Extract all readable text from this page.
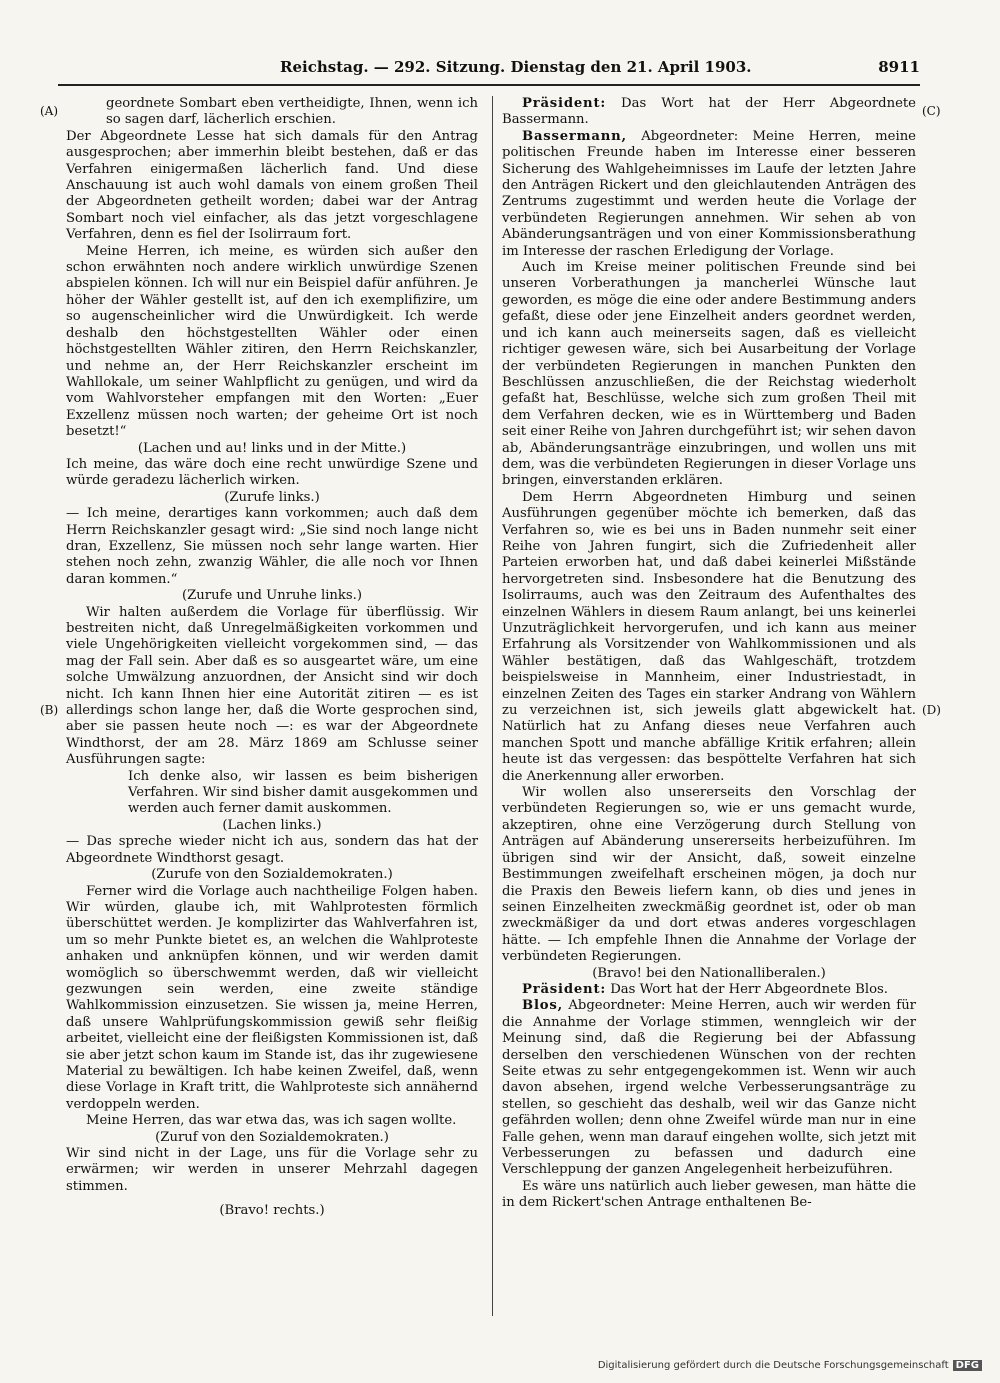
Reichstag. — 292. Sitzung. Dienstag den 21. April 1903.	8911
(A)
(B)
(C)
(D)

geordnete Sombart eben vertheidigte, Ihnen, wenn ich so sagen darf, lächerlich erschien.

Der Abgeordnete Lesse hat sich damals für den Antrag ausgesprochen; aber immerhin bleibt bestehen, daß er das Verfahren einigermaßen lächerlich fand. Und diese Anschauung ist auch wohl damals von einem großen Theil der Abgeordneten getheilt worden; dabei war der Antrag Sombart noch viel einfacher, als das jetzt vorgeschlagene Verfahren, denn es fiel der Isolirraum fort.

Meine Herren, ich meine, es würden sich außer den schon erwähnten noch andere wirklich unwürdige Szenen abspielen können. Ich will nur ein Beispiel dafür anführen. Je höher der Wähler gestellt ist, auf den ich exemplifizire, um so augenscheinlicher wird die Unwürdigkeit. Ich werde deshalb den höchstgestellten Wähler oder einen höchstgestellten Wähler zitiren, den Herrn Reichskanzler, und nehme an, der Herr Reichskanzler erscheint im Wahllokale, um seiner Wahlpflicht zu genügen, und wird da vom Wahlvorsteher empfangen mit den Worten: „Euer Exzellenz müssen noch warten; der geheime Ort ist noch besetzt!“

(Lachen und au! links und in der Mitte.)

Ich meine, das wäre doch eine recht unwürdige Szene und würde geradezu lächerlich wirken.

(Zurufe links.)

— Ich meine, derartiges kann vorkommen; auch daß dem Herrn Reichskanzler gesagt wird: „Sie sind noch lange nicht dran, Exzellenz, Sie müssen noch sehr lange warten. Hier stehen noch zehn, zwanzig Wähler, die alle noch vor Ihnen daran kommen.“

(Zurufe und Unruhe links.)

Wir halten außerdem die Vorlage für überflüssig. Wir bestreiten nicht, daß Unregelmäßigkeiten vorkommen und viele Ungehörigkeiten vielleicht vorgekommen sind, — das mag der Fall sein. Aber daß es so ausgeartet wäre, um eine solche Umwälzung anzuordnen, der Ansicht sind wir doch nicht. Ich kann Ihnen hier eine Autorität zitiren — es ist allerdings schon lange her, daß die Worte gesprochen sind, aber sie passen heute noch —: es war der Abgeordnete Windthorst, der am 28. März 1869 am Schlusse seiner Ausführungen sagte:

Ich denke also, wir lassen es beim bisherigen Verfahren. Wir sind bisher damit ausgekommen und werden auch ferner damit auskommen.

(Lachen links.)

— Das spreche wieder nicht ich aus, sondern das hat der Abgeordnete Windthorst gesagt.

(Zurufe von den Sozialdemokraten.)

Ferner wird die Vorlage auch nachtheilige Folgen haben. Wir würden, glaube ich, mit Wahlprotesten förmlich überschüttet werden. Je komplizirter das Wahlverfahren ist, um so mehr Punkte bietet es, an welchen die Wahlproteste anhaken und anknüpfen können, und wir werden damit womöglich so überschwemmt werden, daß wir vielleicht gezwungen sein werden, eine zweite ständige Wahlkommission einzusetzen. Sie wissen ja, meine Herren, daß unsere Wahlprüfungskommission gewiß sehr fleißig arbeitet, vielleicht eine der fleißigsten Kommissionen ist, daß sie aber jetzt schon kaum im Stande ist, das ihr zugewiesene Material zu bewältigen. Ich habe keinen Zweifel, daß, wenn diese Vorlage in Kraft tritt, die Wahlproteste sich annähernd verdoppeln werden.

Meine Herren, das war etwa das, was ich sagen wollte.

(Zuruf von den Sozialdemokraten.)

Wir sind nicht in der Lage, uns für die Vorlage sehr zu erwärmen; wir werden in unserer Mehrzahl dagegen stimmen.

(Bravo! rechts.)

Präsident: Das Wort hat der Herr Abgeordnete Bassermann.

Bassermann, Abgeordneter: Meine Herren, meine politischen Freunde haben im Interesse einer besseren Sicherung des Wahlgeheimnisses im Laufe der letzten Jahre den Anträgen Rickert und den gleichlautenden Anträgen des Zentrums zugestimmt und werden heute die Vorlage der verbündeten Regierungen annehmen. Wir sehen ab von Abänderungsanträgen und von einer Kommissionsberathung im Interesse der raschen Erledigung der Vorlage.

Auch im Kreise meiner politischen Freunde sind bei unseren Vorberathungen ja mancherlei Wünsche laut geworden, es möge die eine oder andere Bestimmung anders gefaßt, diese oder jene Einzelheit anders geordnet werden, und ich kann auch meinerseits sagen, daß es vielleicht richtiger gewesen wäre, sich bei Ausarbeitung der Vorlage der verbündeten Regierungen in manchen Punkten den Beschlüssen anzuschließen, die der Reichstag wiederholt gefaßt hat, Beschlüsse, welche sich zum großen Theil mit dem Verfahren decken, wie es in Württemberg und Baden seit einer Reihe von Jahren durchgeführt ist; wir sehen davon ab, Abänderungsanträge einzubringen, und wollen uns mit dem, was die verbündeten Regierungen in dieser Vorlage uns bringen, einverstanden erklären.

Dem Herrn Abgeordneten Himburg und seinen Ausführungen gegenüber möchte ich bemerken, daß das Verfahren so, wie es bei uns in Baden nunmehr seit einer Reihe von Jahren fungirt, sich die Zufriedenheit aller Parteien erworben hat, und daß dabei keinerlei Mißstände hervorgetreten sind. Insbesondere hat die Benutzung des Isolirraums, auch was den Zeitraum des Aufenthaltes des einzelnen Wählers in diesem Raum anlangt, bei uns keinerlei Unzuträglichkeit hervorgerufen, und ich kann aus meiner Erfahrung als Vorsitzender von Wahlkommissionen und als Wähler bestätigen, daß das Wahlgeschäft, trotzdem beispielsweise in Mannheim, einer Industriestadt, in einzelnen Zeiten des Tages ein starker Andrang von Wählern zu verzeichnen ist, sich jeweils glatt abgewickelt hat. Natürlich hat zu Anfang dieses neue Verfahren auch manchen Spott und manche abfällige Kritik erfahren; allein heute ist das vergessen: das bespöttelte Verfahren hat sich die Anerkennung aller erworben.

Wir wollen also unsererseits den Vorschlag der verbündeten Regierungen so, wie er uns gemacht wurde, akzeptiren, ohne eine Verzögerung durch Stellung von Anträgen auf Abänderung unsererseits herbeizuführen. Im übrigen sind wir der Ansicht, daß, soweit einzelne Bestimmungen zweifelhaft erscheinen mögen, ja doch nur die Praxis den Beweis liefern kann, ob dies und jenes in seinen Einzelheiten zweckmäßig geordnet ist, oder ob man zweckmäßiger da und dort etwas anderes vorgeschlagen hätte. — Ich empfehle Ihnen die Annahme der Vorlage der verbündeten Regierungen.

(Bravo! bei den Nationalliberalen.)

Präsident: Das Wort hat der Herr Abgeordnete Blos.

Blos, Abgeordneter: Meine Herren, auch wir werden für die Annahme der Vorlage stimmen, wenngleich wir der Meinung sind, daß die Regierung bei der Abfassung derselben den verschiedenen Wünschen von der rechten Seite etwas zu sehr entgegengekommen ist. Wenn wir auch davon absehen, irgend welche Verbesserungsanträge zu stellen, so geschieht das deshalb, weil wir das Ganze nicht gefährden wollen; denn ohne Zweifel würde man nur in eine Falle gehen, wenn man darauf eingehen wollte, sich jetzt mit Verbesserungen zu befassen und dadurch eine Verschleppung der ganzen Angelegenheit herbeizuführen.

Es wäre uns natürlich auch lieber gewesen, man hätte die in dem Rickert'schen Antrage enthaltenen Be-

Digitalisierung gefördert durch die Deutsche Forschungsgemeinschaft DFG
